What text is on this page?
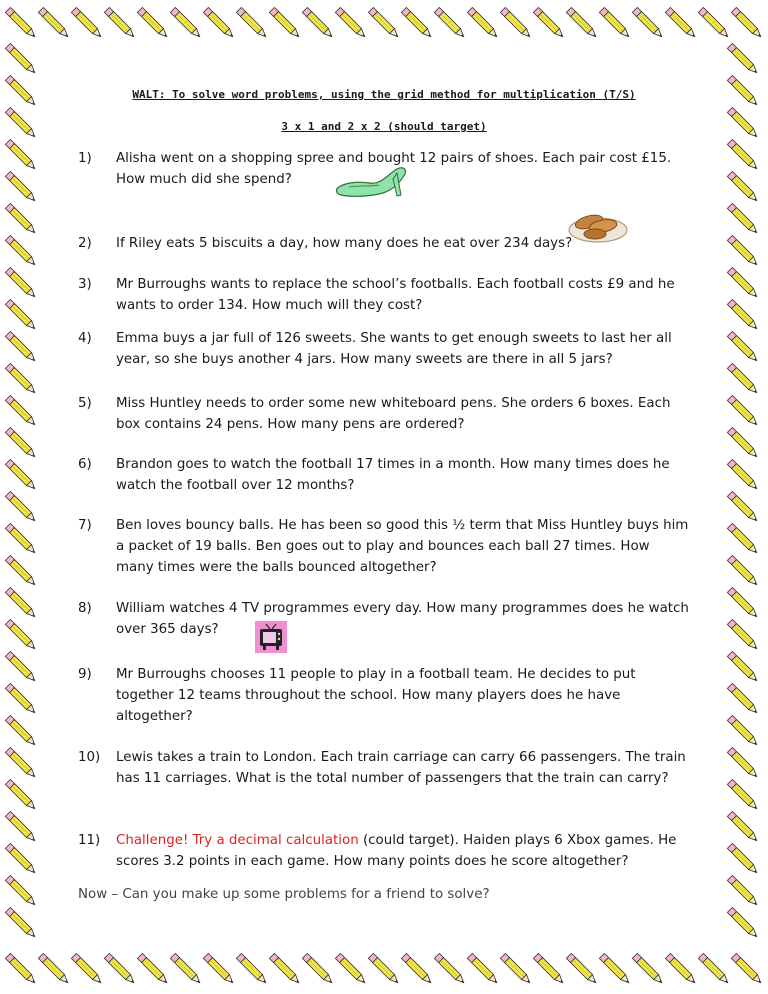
WALT: To solve word problems, using the grid method for multiplication (T/S)
3 x 1 and 2 x 2 (should target)
1)	Alisha went on a shopping spree and bought 12 pairs of shoes. Each pair cost £15. How much did she spend?
2)	If Riley eats 5 biscuits a day, how many does he eat over 234 days?
3)	Mr Burroughs wants to replace the school’s footballs. Each football costs £9 and he wants to order 134. How much will they cost?
4)	Emma buys a jar full of 126 sweets. She wants to get enough sweets to last her all year, so she buys another 4 jars. How many sweets are there in all 5 jars?
5)	Miss Huntley needs to order some new whiteboard pens. She orders 6 boxes. Each box contains 24 pens. How many pens are ordered?
6)	Brandon goes to watch the football 17 times in a month. How many times does he watch the football over 12 months?
7)	Ben loves bouncy balls. He has been so good this ½ term that Miss Huntley buys him a packet of 19 balls. Ben goes out to play and bounces each ball 27 times. How many times were the balls bounced altogether?
8)	William watches 4 TV programmes every day. How many programmes does he watch over 365 days?
9)	Mr Burroughs chooses 11 people to play in a football team. He decides to put together 12 teams throughout the school. How many players does he have altogether?
10)	Lewis takes a train to London. Each train carriage can carry 66 passengers. The train has 11 carriages. What is the total number of passengers that the train can carry?
11)	Challenge! Try a decimal calculation (could target). Haiden plays 6 Xbox games. He scores 3.2 points in each game. How many points does he score altogether?
Now – Can you make up some problems for a friend to solve?
